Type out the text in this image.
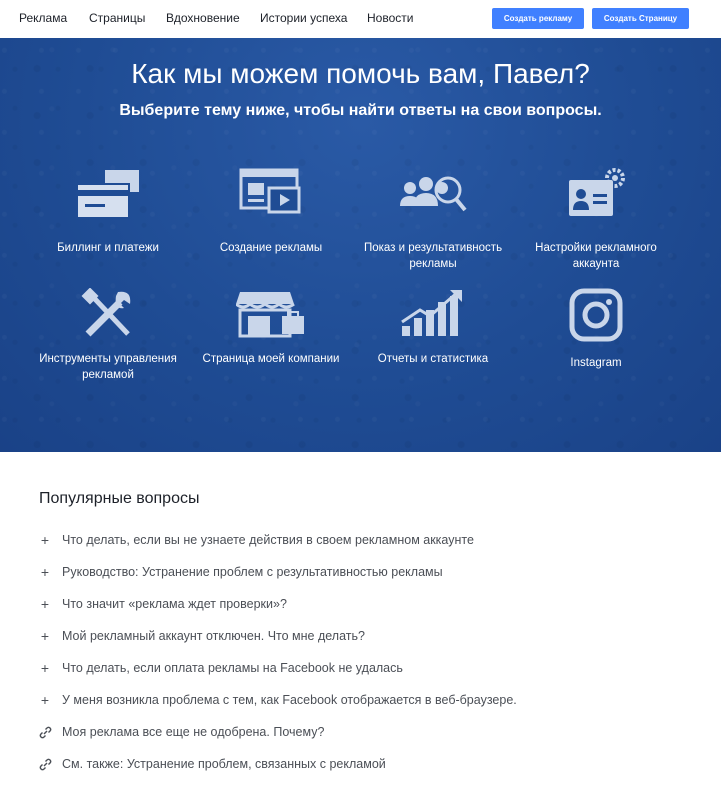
Реклама Страницы Вдохновение Истории успеха Новости	Создать рекламу	Создать Страницу
Как мы можем помочь вам, Павел?
Выберите тему ниже, чтобы найти ответы на свои вопросы.
Биллинг и платежи	Создание рекламы	Показ и результативность
рекламы
Настройки рекламного
аккаунта
Инструменты управления
рекламой
Страница моей компании	Отчеты и статистика	Instagram
Популярные вопросы
+ Что делать, если вы не узнаете действия в своем рекламном аккаунте
+ Руководство: Устранение проблем с результативностью рекламы
+ Что значит «реклама ждет проверки»?
+ Мой рекламный аккаунт отключен. Что мне делать?
+ Что делать, если оплата рекламы на Facebook не удалась
+ У меня возникла проблема с тем, как Facebook отображается в веб-браузере.
Моя реклама все еще не одобрена. Почему?
См. также: Устранение проблем, связанных с рекламой
